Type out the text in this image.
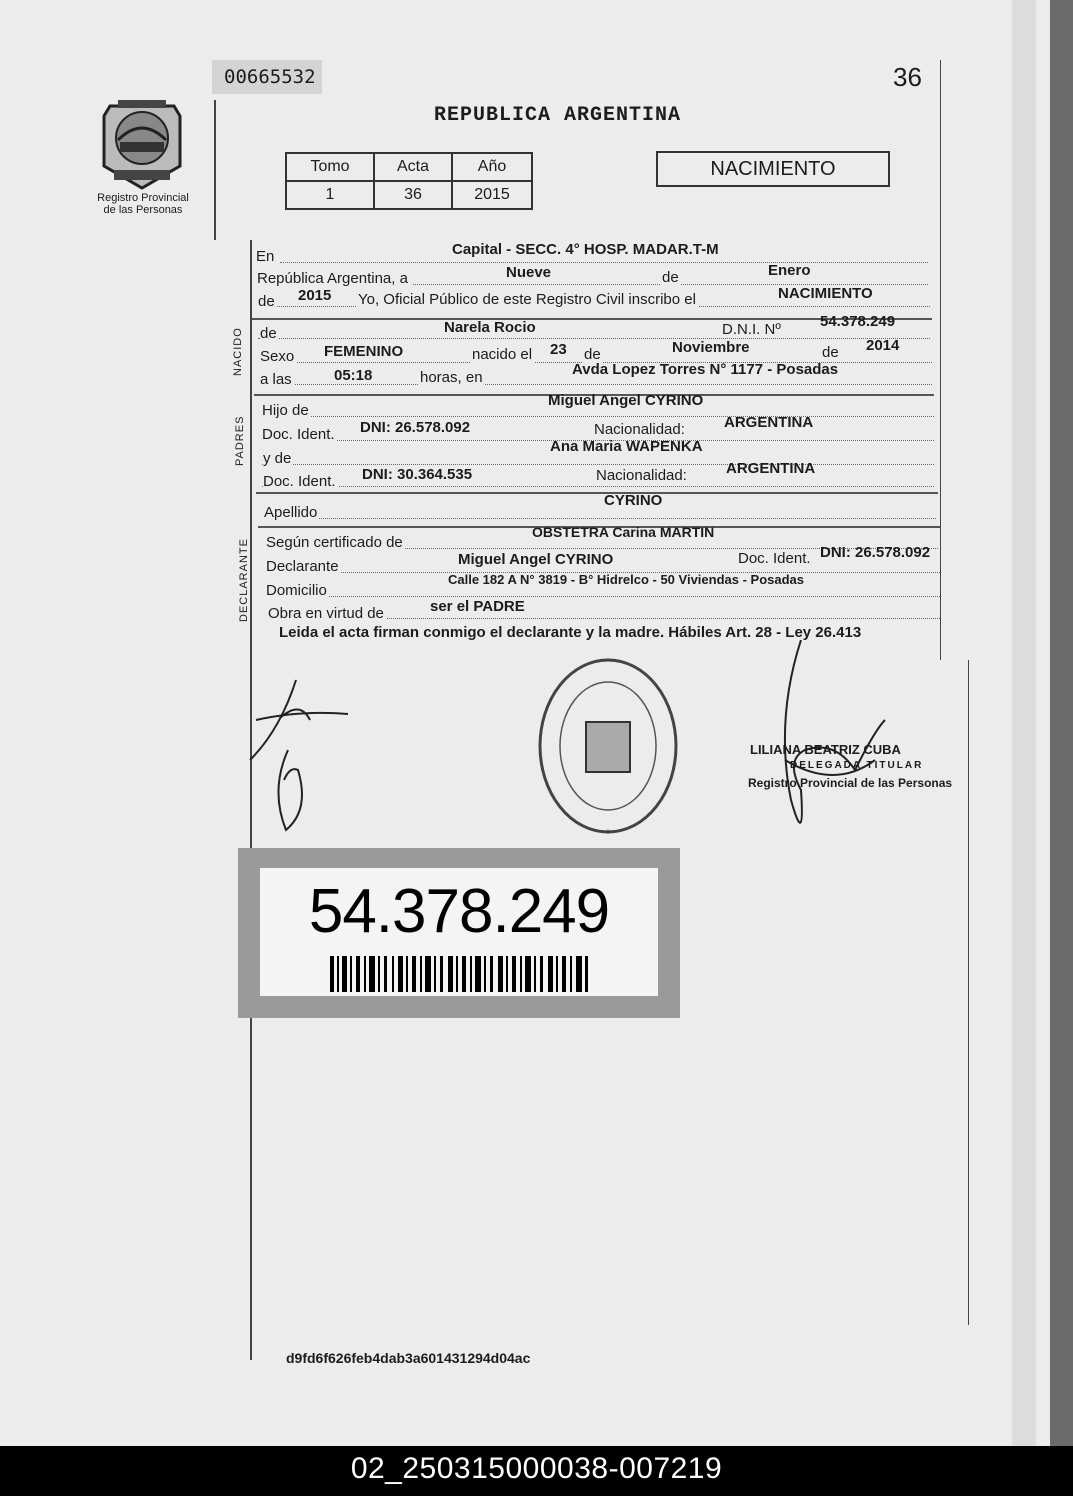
00665532	36
REPUBLICA ARGENTINA
Registro Provincial
de las Personas
Tomo	Acta	Año
1	36	2015
NACIMIENTO
En	Capital - SECC. 4° HOSP. MADAR.T-M
República Argentina, a	Nueve	de	Enero
de 2015 Yo, Oficial Público de este Registro Civil inscribo el	NACIMIENTO
NACIDO de	Narela Rocio	D.N.I. Nº	54.378.249
Sexo FEMENINO	nacido el 23 de	Noviembre	de 2014
a las	05:18	horas, en	Avda Lopez Torres N° 1177 - Posadas
PADRES
Hijo de
Miguel Angel CYRINO
Doc. Ident. DNI: 26.578.092	Nacionalidad:	ARGENTINA
y de
Ana Maria WAPENKA
Doc. Ident. DNI: 30.364.535	Nacionalidad:	ARGENTINA
Apellido
CYRINO
DECLARANTE Según certificado de
OBSTETRA Carina MARTIN
Declarante	Miguel Angel CYRINO	Doc. Ident. DNI: 26.578.092
Domicilio
Calle 182 A N° 3819 - B° Hidrelco - 50 Viviendas - Posadas
Obra en virtud de	ser el PADRE
Leida el acta firman conmigo el declarante y la madre. Hábiles Art. 28 - Ley 26.413
*
LILIANA BEATRIZ CUBA
DELEGADA TITULAR
Registro Provincial de las Personas
54.378.249
d9fd6f626feb4dab3a601431294d04ac
02_250315000038-007219
